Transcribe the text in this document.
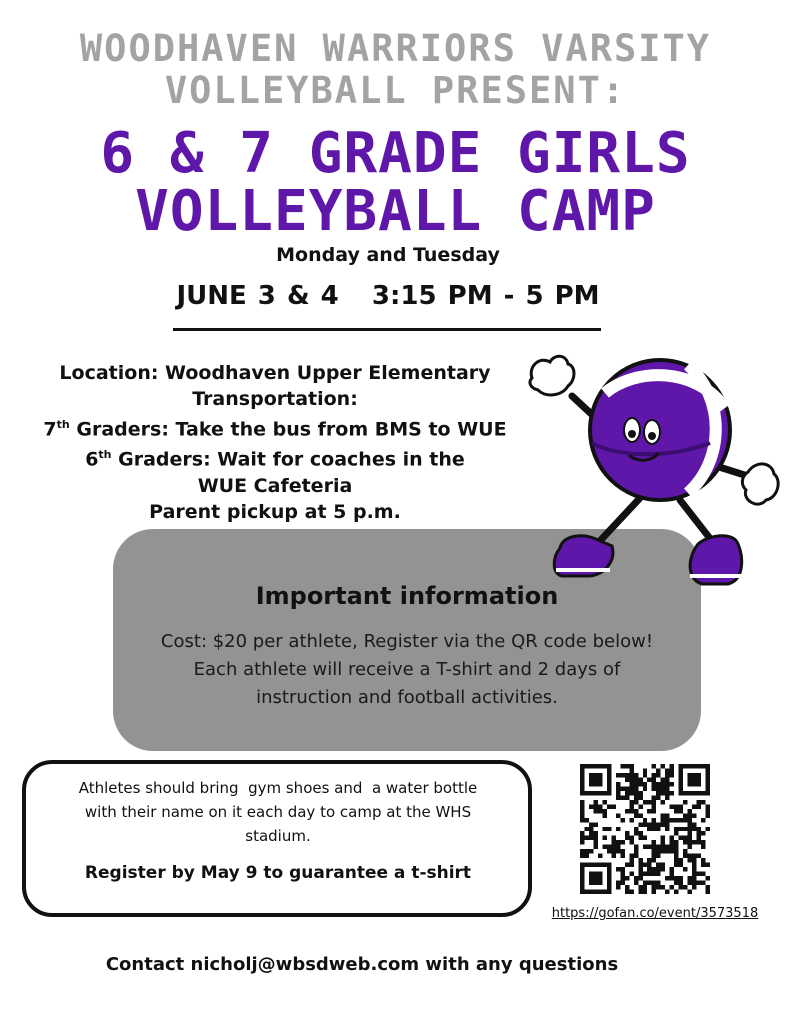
WOODHAVEN WARRIORS VARSITY
VOLLEYBALL PRESENT:
6 & 7 GRADE GIRLS
VOLLEYBALL CAMP
Monday and Tuesday
JUNE 3 & 4   3:15 PM - 5 PM
Location: Woodhaven Upper Elementary
Transportation:
7th Graders: Take the bus from BMS to WUE
6th Graders: Wait for coaches in the
WUE Cafeteria
Parent pickup at 5 p.m.
Important information
Cost: $20 per athlete, Register via the QR code below!
Each athlete will receive a T-shirt and 2 days of
instruction and football activities.
Athletes should bring  gym shoes and  a water bottle
with their name on it each day to camp at the WHS
stadium.
Register by May 9 to guarantee a t-shirt
https://gofan.co/event/3573518
Contact nicholj@wbsdweb.com with any questions
